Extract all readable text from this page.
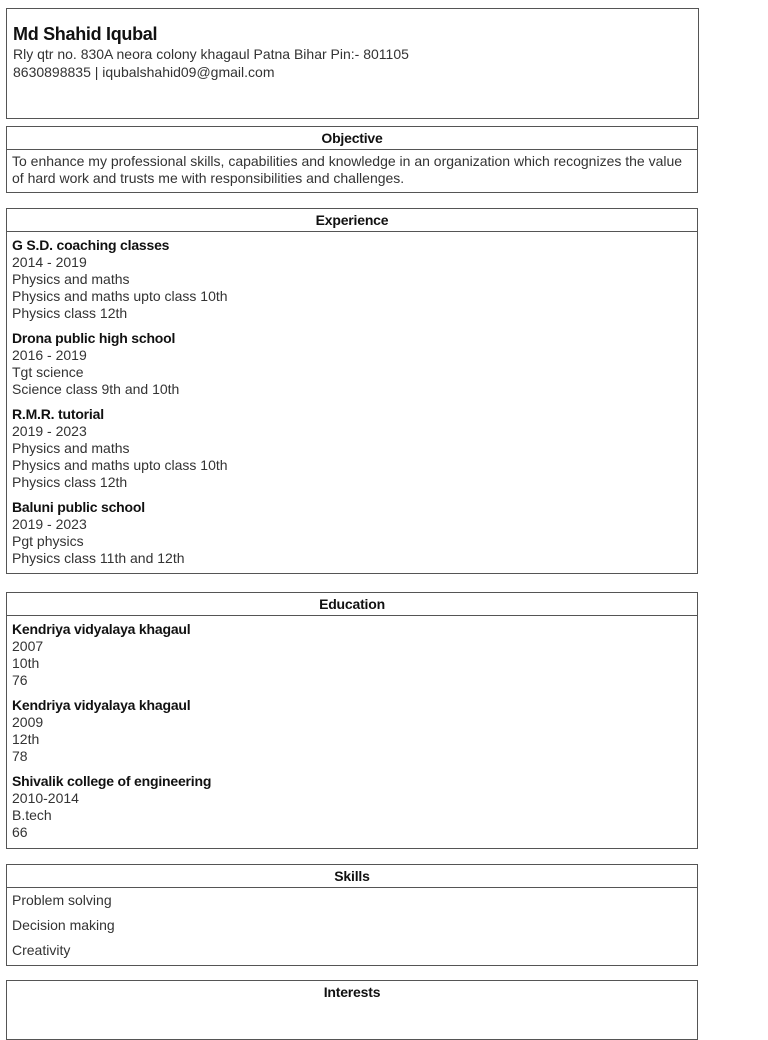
Md Shahid Iqubal
Rly qtr no. 830A neora colony khagaul Patna Bihar Pin:- 801105
8630898835 | iqubalshahid09@gmail.com
Objective
To enhance my professional skills, capabilities and knowledge in an organization which recognizes the value of hard work and trusts me with responsibilities and challenges.
Experience
G S.D. coaching classes
2014 - 2019
Physics and maths
Physics and maths upto class 10th
Physics class 12th
Drona public high school
2016 - 2019
Tgt science
Science class 9th and 10th
R.M.R. tutorial
2019 - 2023
Physics and maths
Physics and maths upto class 10th
Physics class 12th
Baluni public school
2019 - 2023
Pgt physics
Physics class 11th and 12th
Education
Kendriya vidyalaya khagaul
2007
10th
76
Kendriya vidyalaya khagaul
2009
12th
78
Shivalik college of engineering
2010-2014
B.tech
66
Skills
Problem solving
Decision making
Creativity
Interests
